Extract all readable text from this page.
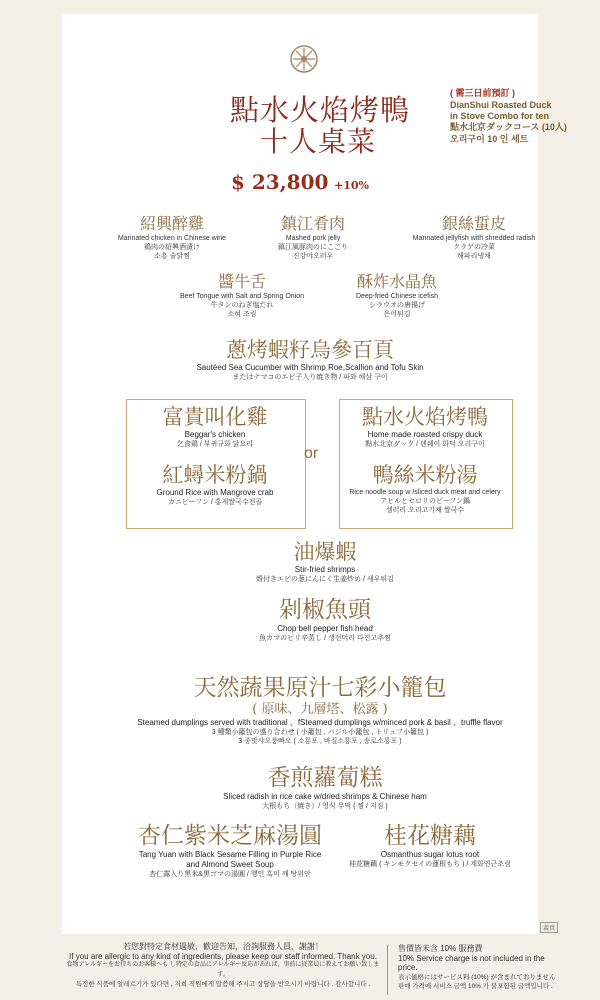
點水火焰烤鴨
十人桌菜
( 需三日前預訂 )
DianShui Roasted Duck
in Stove Combo for ten
點水北京ダックコース (10人)
오리구이 10 인 세트
$ 23,800 +10%
紹興醉雞
Marinated chicken in Chinese wine
鶏肉の紹興酒漬け
소흥 술닭찜
鎮江肴肉
Mashed pork jelly
鎮江風豚肉のにこごり
진강야오러우
銀絲蜇皮
Marinated jellyfish with shredded radish
クラゲの冷菜
해파리냉채
醬牛舌
Beef Tongue with Salt and Spring Onion
牛タンのねぎ塩だれ
소혀 조림
酥炸水晶魚
Deep-fried Chinese icefish
シラウオの唐揚げ
은어튀김
蔥烤蝦籽烏參百頁
Sautéed Sea Cucumber with Shrimp Roe,Scallion and Tofu Skin
またはナマコのエビ子入り焼き物 / 파와 해삼 구이
富貴叫化雞
Beggar's chicken
乞食鶏 / 부귀규화 닭요리
紅蟳米粉鍋
Ground Rice with Mangrove crab
カニビーフン / 홍게쌀국수전골
or
點水火焰烤鴨
Home made roasted crispy duck
點水北京ダック / 뎬쉐이 화덕 오리구이
鴨絲米粉湯
Rice noodle soup w /sliced duck meat and celery
アヒルとセロリのビーフン鍋
셀러리 오리고기채 쌀국수
油爆蝦
Stir-fried shrimps
殻付きエビの葱にんにく生姜炒め / 새우튀김
剁椒魚頭
Chop bell pepper fish head
魚カマのピリ辛蒸し / 생선머리 다진고추찜
天然蔬果原汁七彩小籠包
( 原味、九層塔、松露 )
Steamed dumplings served with traditional 、fSteamed dumplings w/minced pork & basil 、truffle flavor
3 種類小籠包の盛り合わせ ( 小籠包 , バジル小籠包 , トリュフ小籠包 )
3 종맛샤오룽빠오 ( 소룡포 , 바질소룡포 , 송로소룡포 )
香煎蘿蔔糕
Sliced radish in rice cake w/dried shrimps & Chinese ham
大根もち（焼き）/ 영식 무떡 ( 찜 / 지짐 )
杏仁紫米芝麻湯圓
Tang Yuan with Black Sesame Filling in Purple Rice
and Almond Sweet Soup
杏仁露入り黒米&黒ゴマの湯圓 / 행인 흑미 깨 탕위안
桂花糖藕
Osmanthus sugar lotus root
桂花糖藕 ( キンモクセイの蓮根もち ) / 계화연근조림
義賣
若您對特定食材過敏，歡迎告知，洽詢服務人員，謝謝！
If you are allergic to any kind of ingredients, please keep our staff informed. Thank you.
食物アレルギーをお持ちのお客様へも し特定の食品にアレルギー反応があれば、事前に従業員に教えてお願い致します。
특정한 식품에 알레르기가 있다면 , 저희 직원에게 말씀해 주시고 상담을 받으시기 바랍니다 . 감사합니다 .
售價皆未含 10% 服務費
10% Service charge is not included in the price.
表示価格にはサービス料 (10%) が含まれておりません
판매 가격에 서비스 금액 10% 가 불포함된 금액입니다 .
